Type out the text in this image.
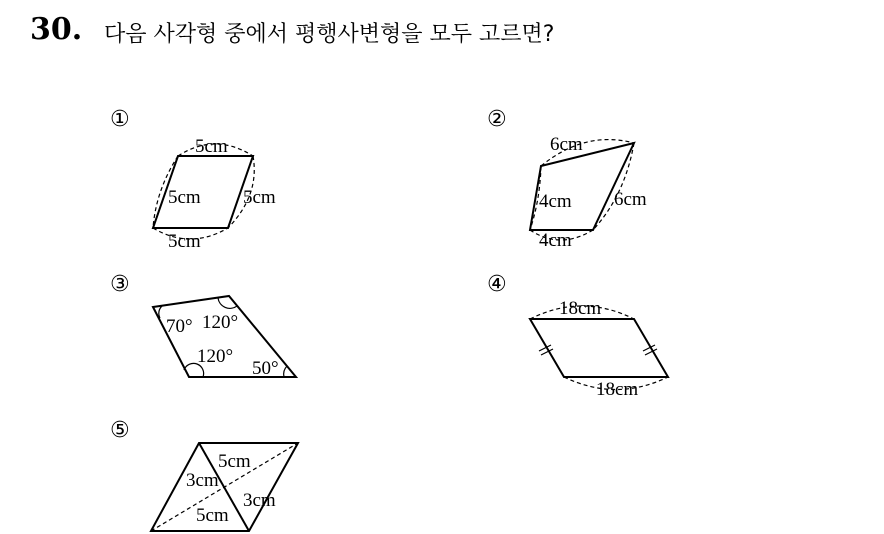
30. 다음 사각형 중에서 평행사변형을 모두 고르면?
①	②
③	④
⑤
5cm
5cm 5cm
5cm
6cm
4cm 6cm
4cm
70° 120°
120°
50°
18cm
18cm
5cm
3cm
3cm
5cm
